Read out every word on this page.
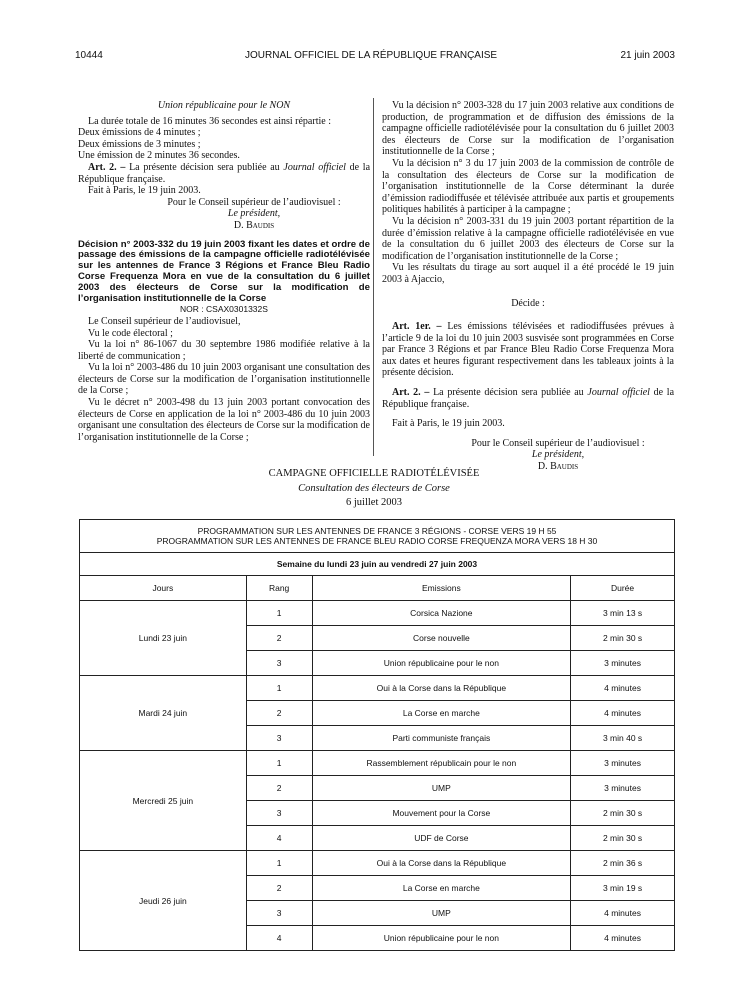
10444	JOURNAL OFFICIEL DE LA RÉPUBLIQUE FRANÇAISE	21 juin 2003

Union républicaine pour le NON

La durée totale de 16 minutes 36 secondes est ainsi répartie :

Deux émissions de 4 minutes ;

Deux émissions de 3 minutes ;

Une émission de 2 minutes 36 secondes.

Art. 2. – La présente décision sera publiée au Journal officiel de la République française.

Fait à Paris, le 19 juin 2003.

Pour le Conseil supérieur de l’audiovisuel :

Le président,

D. Baudis

Décision n° 2003-332 du 19 juin 2003 fixant les dates et ordre de passage des émissions de la campagne officielle radiotélévisée sur les antennes de France 3 Régions et France Bleu Radio Corse Frequenza Mora en vue de la consultation du 6 juillet 2003 des électeurs de Corse sur la modification de l’organisation institutionnelle de la Corse

NOR : CSAX0301332S

Le Conseil supérieur de l’audiovisuel,

Vu le code électoral ;

Vu la loi n° 86-1067 du 30 septembre 1986 modifiée relative à la liberté de communication ;

Vu la loi n° 2003-486 du 10 juin 2003 organisant une consultation des électeurs de Corse sur la modification de l’organisation institutionnelle de la Corse ;

Vu le décret n° 2003-498 du 13 juin 2003 portant convocation des électeurs de Corse en application de la loi n° 2003-486 du 10 juin 2003 organisant une consultation des électeurs de Corse sur la modification de l’organisation institutionnelle de la Corse ;

Vu la décision n° 2003-328 du 17 juin 2003 relative aux conditions de production, de programmation et de diffusion des émissions de la campagne officielle radiotélévisée pour la consultation du 6 juillet 2003 des électeurs de Corse sur la modification de l’organisation institutionnelle de la Corse ;

Vu la décision n° 3 du 17 juin 2003 de la commission de contrôle de la consultation des électeurs de Corse sur la modification de l’organisation institutionnelle de la Corse déterminant la durée d’émission radiodiffusée et télévisée attribuée aux partis et groupements politiques habilités à participer à la campagne ;

Vu la décision n° 2003-331 du 19 juin 2003 portant répartition de la durée d’émission relative à la campagne officielle radiotélévisée en vue de la consultation du 6 juillet 2003 des électeurs de Corse sur la modification de l’organisation institutionnelle de la Corse ;

Vu les résultats du tirage au sort auquel il a été procédé le 19 juin 2003 à Ajaccio,

Décide :

Art. 1er. – Les émissions télévisées et radiodiffusées prévues à l’article 9 de la loi du 10 juin 2003 susvisée sont programmées en Corse par France 3 Régions et par France Bleu Radio Corse Frequenza Mora aux dates et heures figurant respectivement dans les tableaux joints à la présente décision.

Art. 2. – La présente décision sera publiée au Journal officiel de la République française.

Fait à Paris, le 19 juin 2003.

Pour le Conseil supérieur de l’audiovisuel :

Le président,

D. Baudis

CAMPAGNE OFFICIELLE RADIOTÉLÉVISÉE
Consultation des électeurs de Corse
6 juillet 2003
PROGRAMMATION SUR LES ANTENNES DE FRANCE 3 RÉGIONS - CORSE VERS 19 H 55
PROGRAMMATION SUR LES ANTENNES DE FRANCE BLEU RADIO CORSE FREQUENZA MORA VERS 18 H 30			

Semaine du lundi 23 juin au vendredi 27 juin 2003			
Jours	Rang	Emissions	Durée
Lundi 23 juin	1	Corsica Nazione	3 min 13 s
	2	Corse nouvelle	2 min 30 s
	3	Union républicaine pour le non	3 minutes
Mardi 24 juin	1	Oui à la Corse dans la République	4 minutes
	2	La Corse en marche	4 minutes
	3	Parti communiste français	3 min 40 s
Mercredi 25 juin	1	Rassemblement républicain pour le non	3 minutes
	2	UMP	3 minutes
	3	Mouvement pour la Corse	2 min 30 s
	4	UDF de Corse	2 min 30 s
Jeudi 26 juin	1	Oui à la Corse dans la République	2 min 36 s
	2	La Corse en marche	3 min 19 s
	3	UMP	4 minutes
	4	Union républicaine pour le non	4 minutes
